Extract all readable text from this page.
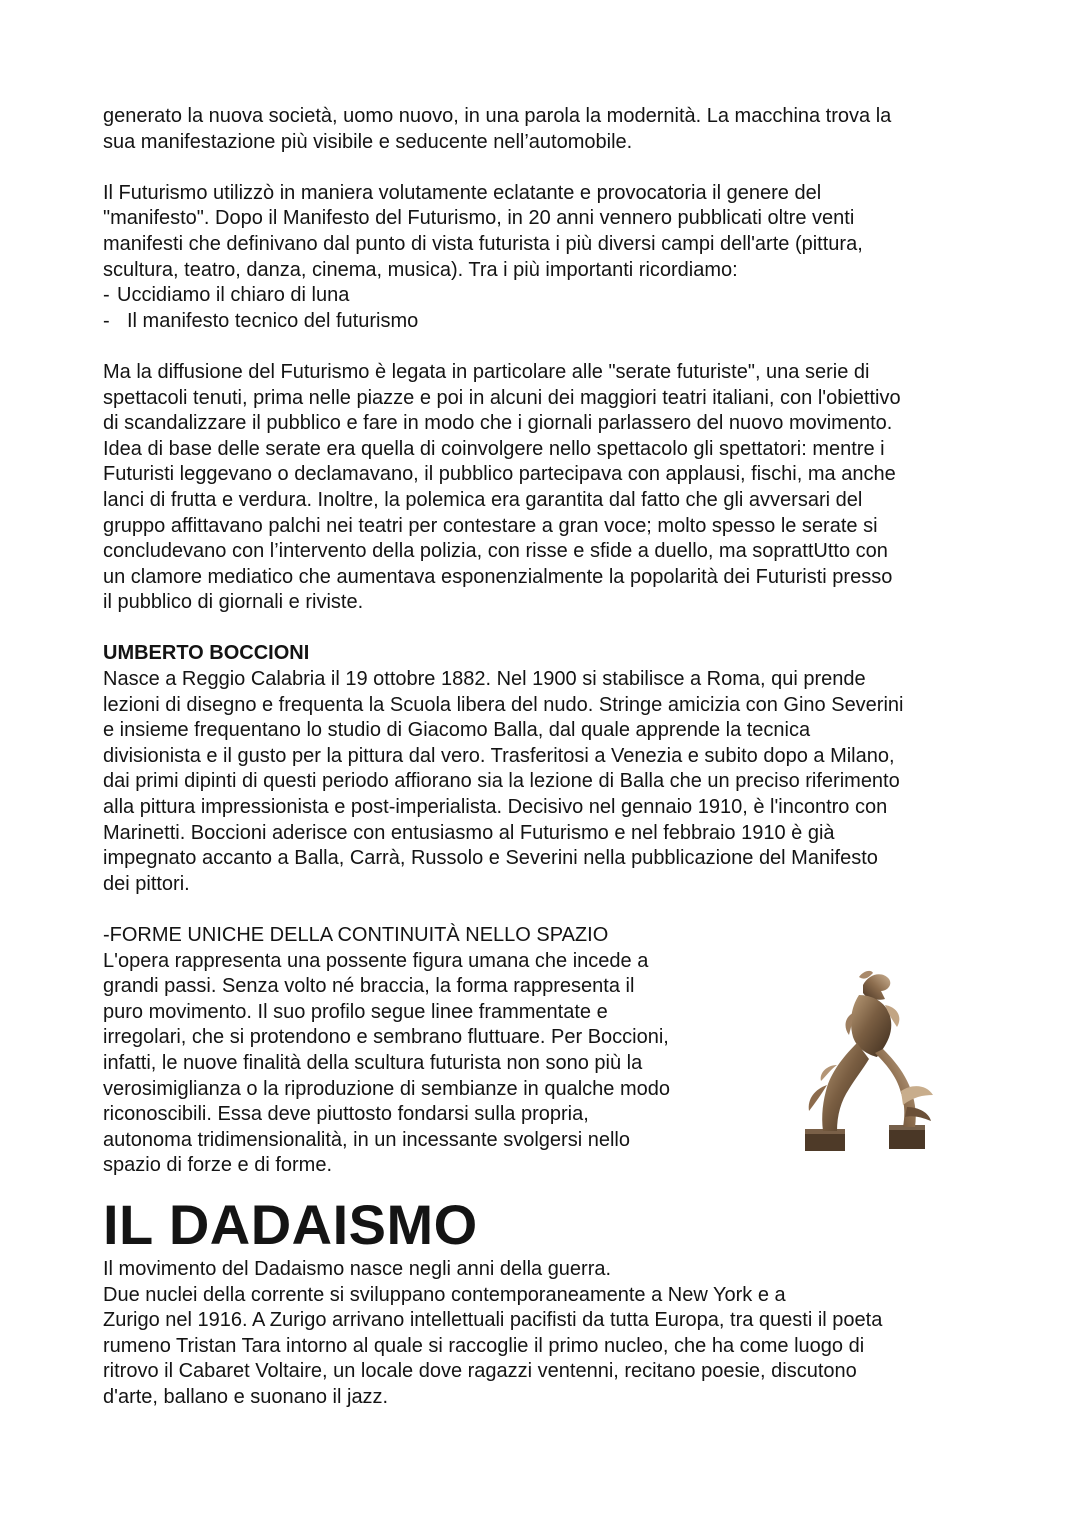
generato la nuova società, uomo nuovo, in una parola la modernità. La macchina trova la

sua manifestazione più visibile e seducente nell’automobile.

Il Futurismo utilizzò in maniera volutamente eclatante e provocatoria il genere del

"manifesto". Dopo il Manifesto del Futurismo, in 20 anni vennero pubblicati oltre venti

manifesti che definivano dal punto di vista futurista i più diversi campi dell'arte (pittura,

scultura, teatro, danza, cinema, musica). Tra i più importanti ricordiamo:

- Uccidiamo il chiaro di luna
- Il manifesto tecnico del futurismo

Ma la diffusione del Futurismo è legata in particolare alle "serate futuriste", una serie di

spettacoli tenuti, prima nelle piazze e poi in alcuni dei maggiori teatri italiani, con l'obiettivo

di scandalizzare il pubblico e fare in modo che i giornali parlassero del nuovo movimento.

Idea di base delle serate era quella di coinvolgere nello spettacolo gli spettatori: mentre i

Futuristi leggevano o declamavano, il pubblico partecipava con applausi, fischi, ma anche

lanci di frutta e verdura. Inoltre, la polemica era garantita dal fatto che gli avversari del

gruppo affittavano palchi nei teatri per contestare a gran voce; molto spesso le serate si

concludevano con l’intervento della polizia, con risse e sfide a duello, ma soprattUtto con

un clamore mediatico che aumentava esponenzialmente la popolarità dei Futuristi presso

il pubblico di giornali e riviste.

UMBERTO BOCCIONI

Nasce a Reggio Calabria il 19 ottobre 1882. Nel 1900 si stabilisce a Roma, qui prende

lezioni di disegno e frequenta la Scuola libera del nudo. Stringe amicizia con Gino Severini

e insieme frequentano lo studio di Giacomo Balla, dal quale apprende la tecnica

divisionista e il gusto per la pittura dal vero. Trasferitosi a Venezia e subito dopo a Milano,

dai primi dipinti di questi periodo affiorano sia la lezione di Balla che un preciso riferimento

alla pittura impressionista e post-imperialista. Decisivo nel gennaio 1910, è l'incontro con

Marinetti. Boccioni aderisce con entusiasmo al Futurismo e nel febbraio 1910 è già

impegnato accanto a Balla, Carrà, Russolo e Severini nella pubblicazione del Manifesto

dei pittori.

-FORME UNICHE DELLA CONTINUITÀ NELLO SPAZIO

L'opera rappresenta una possente figura umana che incede a

grandi passi. Senza volto né braccia, la forma rappresenta il

puro movimento. Il suo profilo segue linee frammentate e

irregolari, che si protendono e sembrano fluttuare. Per Boccioni,

infatti, le nuove finalità della scultura futurista non sono più la

verosimiglianza o la riproduzione di sembianze in qualche modo

riconoscibili. Essa deve piuttosto fondarsi sulla propria,

autonoma tridimensionalità, in un incessante svolgersi nello

spazio di forze e di forme.

IL DADAISMO

Il movimento del Dadaismo nasce negli anni della guerra.

Due nuclei della corrente si sviluppano contemporaneamente a New York e a

Zurigo nel 1916. A Zurigo arrivano intellettuali pacifisti da tutta Europa, tra questi il poeta

rumeno Tristan Tara intorno al quale si raccoglie il primo nucleo, che ha come luogo di

ritrovo il Cabaret Voltaire, un locale dove ragazzi ventenni, recitano poesie, discutono

d'arte, ballano e suonano il jazz.
